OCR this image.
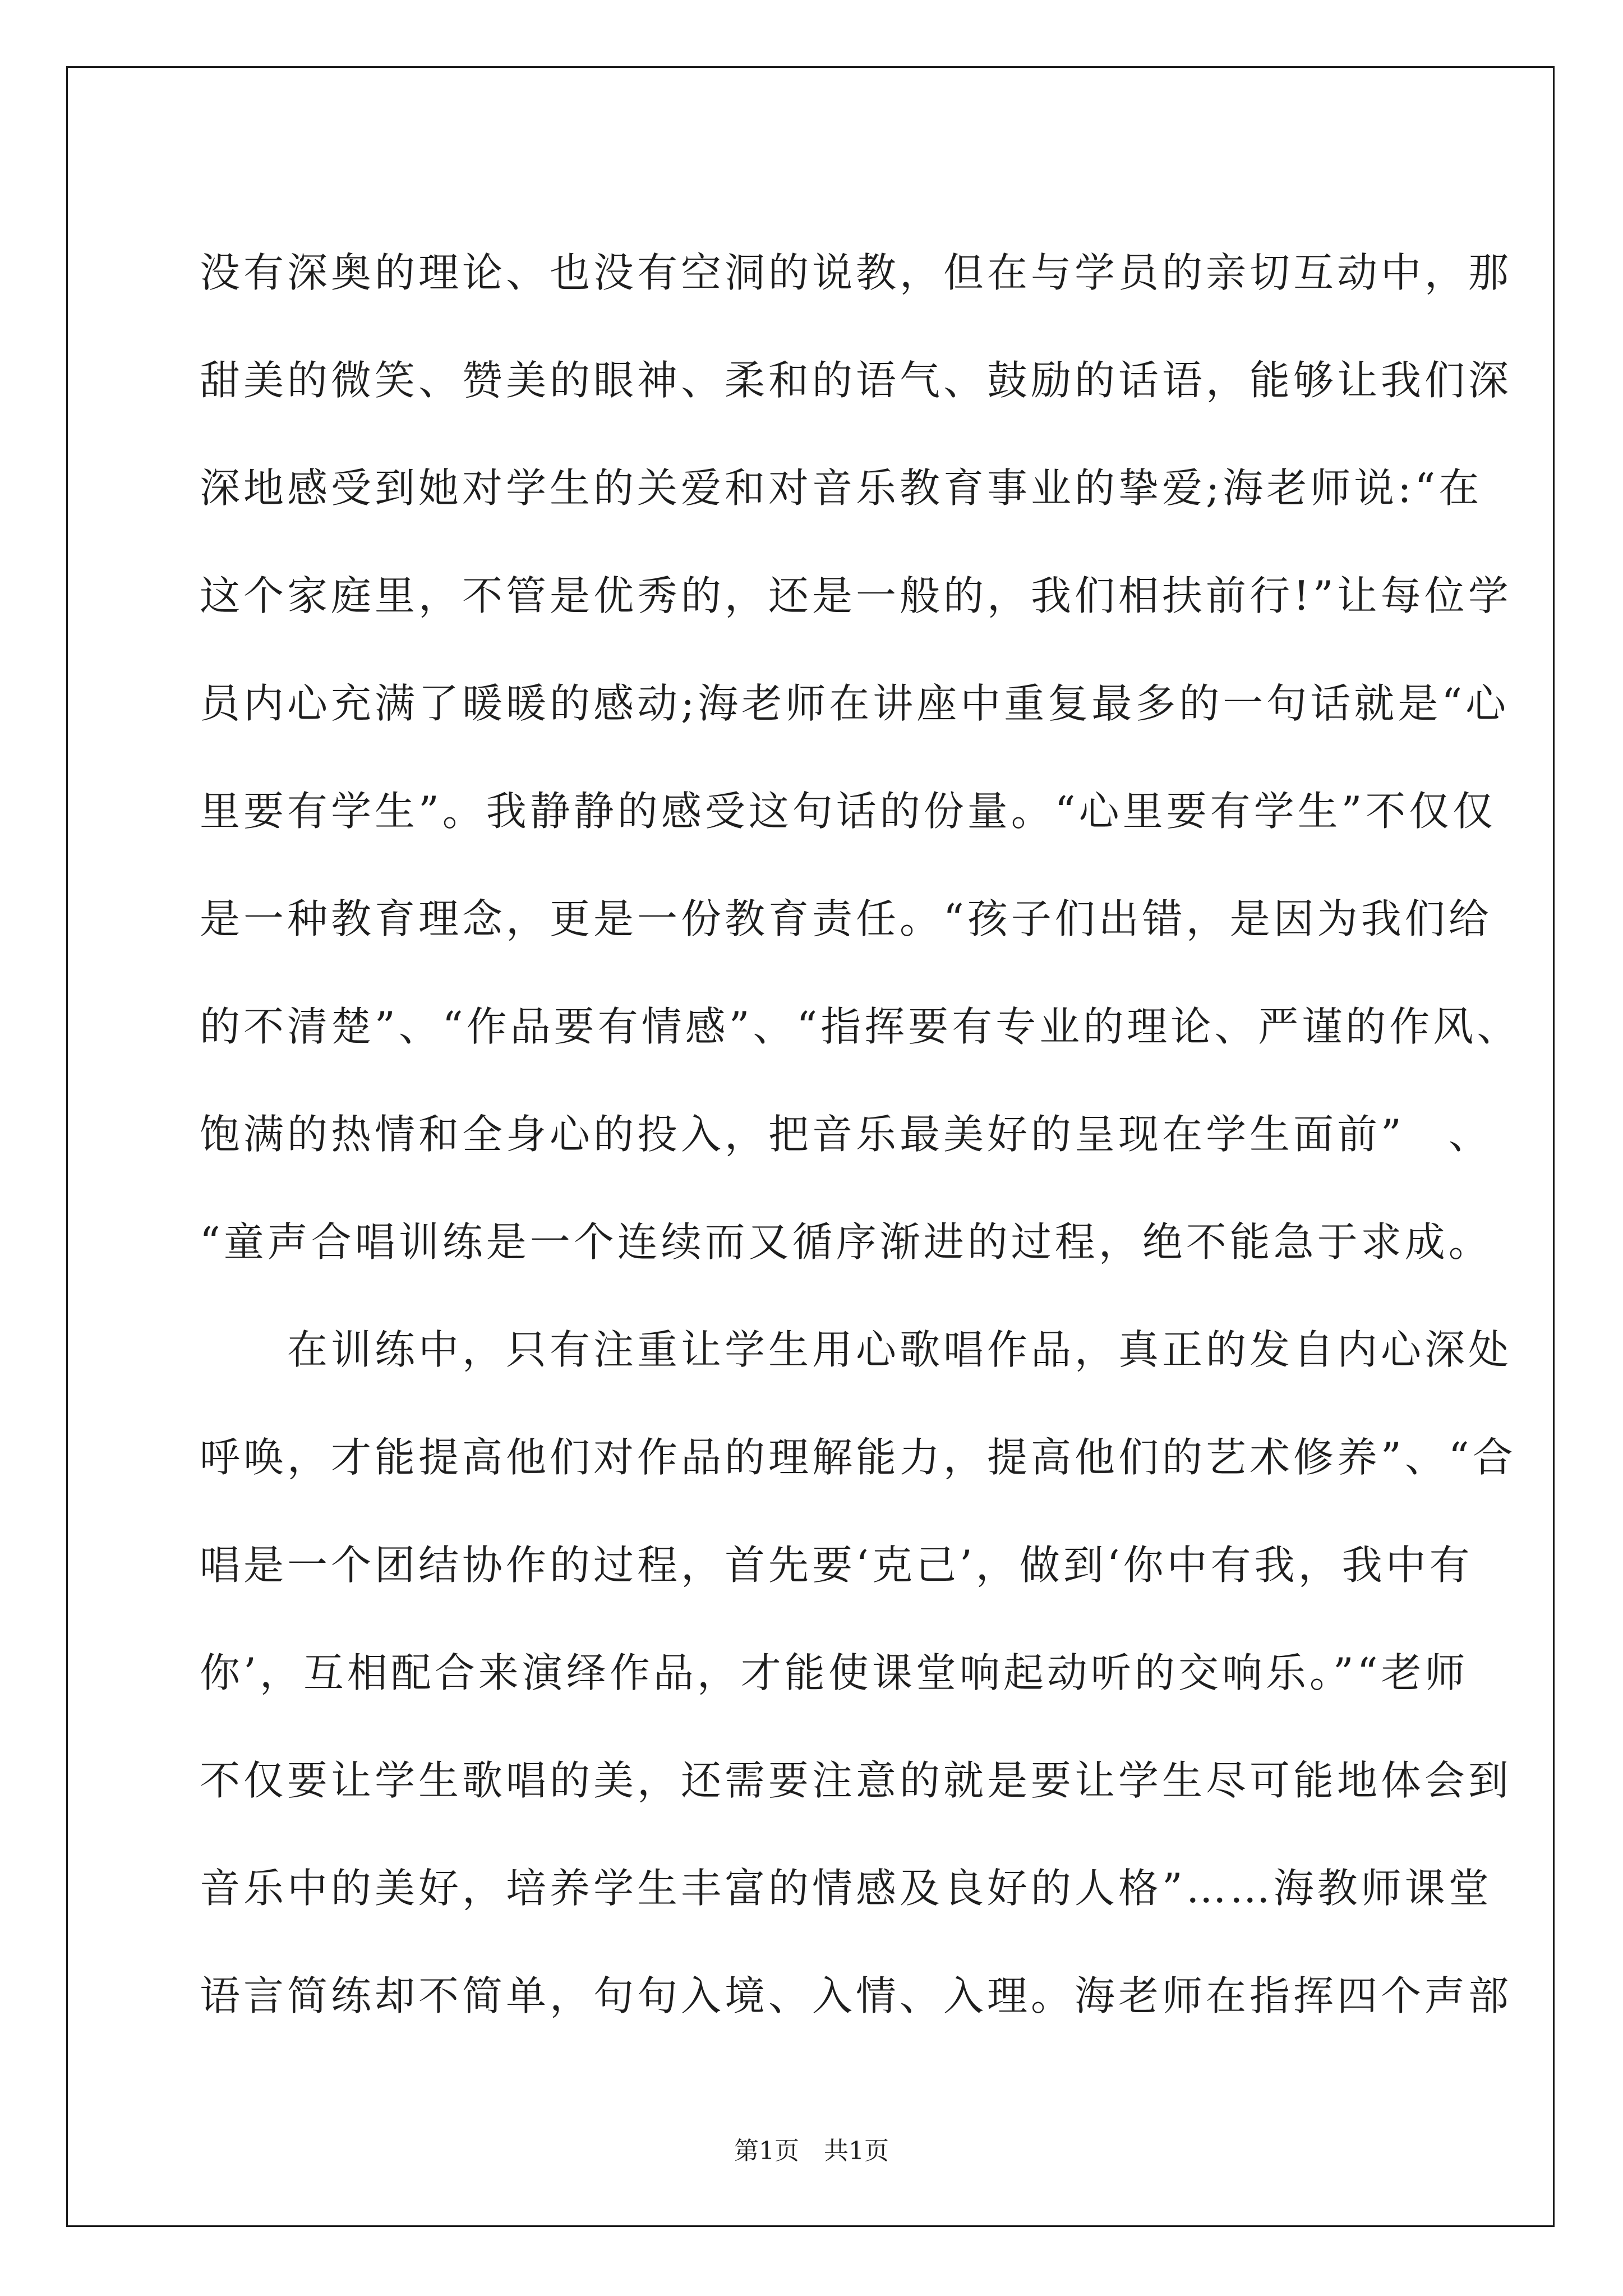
没有深奥的理论、也没有空洞的说教，但在与学员的亲切互动中，那
甜美的微笑、赞美的眼神、柔和的语气、鼓励的话语，能够让我们深
深地感受到她对学生的关爱和对音乐教育事业的挚爱;海老师说:“在
这个家庭里，不管是优秀的，还是一般的，我们相扶前行!”让每位学
员内心充满了暖暖的感动;海老师在讲座中重复最多的一句话就是“心
里要有学生”。我静静的感受这句话的份量。“心里要有学生”不仅仅
是一种教育理念，更是一份教育责任。“孩子们出错，是因为我们给
的不清楚”、“作品要有情感”、“指挥要有专业的理论、严谨的作风、
饱满的热情和全身心的投入，把音乐最美好的呈现在学生面前”　、
“童声合唱训练是一个连续而又循序渐进的过程，绝不能急于求成。
　　在训练中，只有注重让学生用心歌唱作品，真正的发自内心深处
呼唤，才能提高他们对作品的理解能力，提高他们的艺术修养”、“合
唱是一个团结协作的过程，首先要‘克己’，做到‘你中有我，我中有
你’，互相配合来演绎作品，才能使课堂响起动听的交响乐。”“老师
不仅要让学生歌唱的美，还需要注意的就是要让学生尽可能地体会到
音乐中的美好，培养学生丰富的情感及良好的人格”……海教师课堂
语言简练却不简单，句句入境、入情、入理。海老师在指挥四个声部
第1页　共1页
